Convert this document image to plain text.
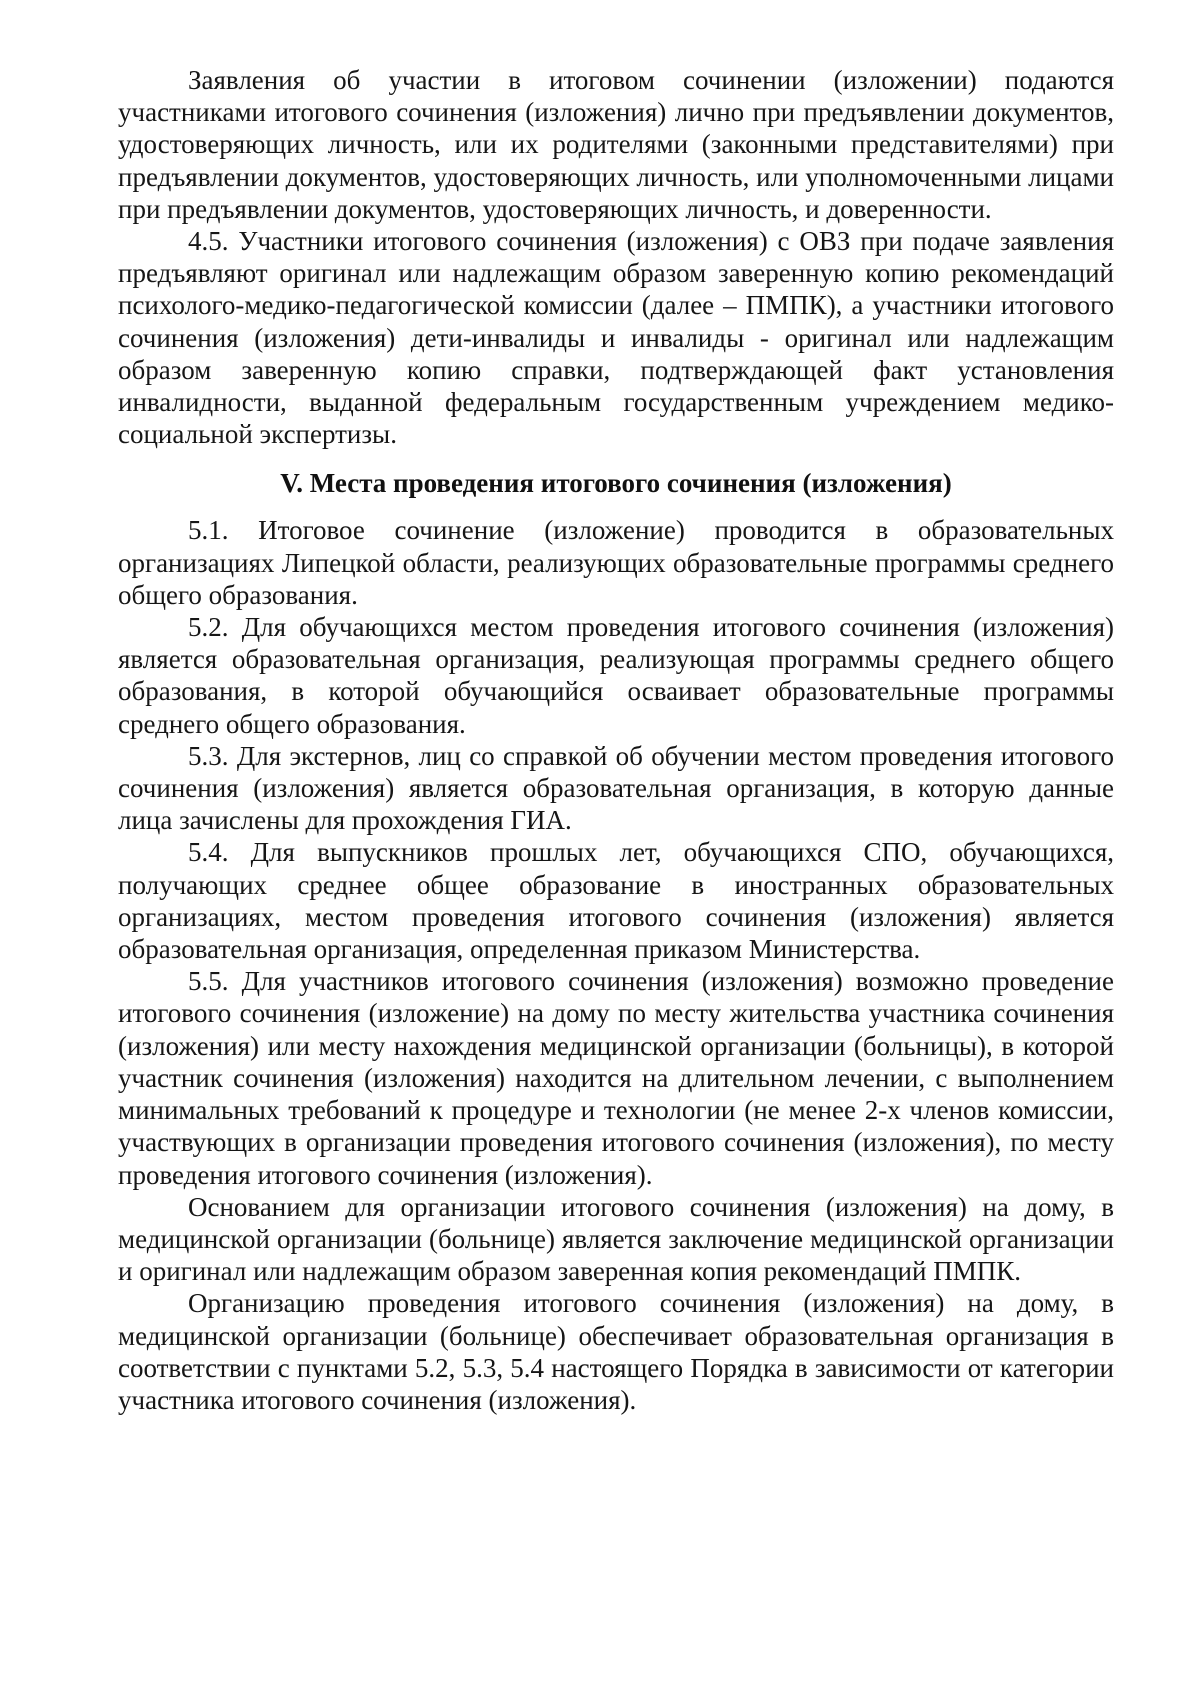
Заявления об участии в итоговом сочинении (изложении) подаются участниками итогового сочинения (изложения) лично при предъявлении документов, удостоверяющих личность, или их родителями (законными представителями) при предъявлении документов, удостоверяющих личность, или уполномоченными лицами при предъявлении документов, удостоверяющих личность, и доверенности.

4.5. Участники итогового сочинения (изложения) с ОВЗ при подаче заявления предъявляют оригинал или надлежащим образом заверенную копию рекомендаций психолого-медико-педагогической комиссии (далее – ПМПК), а участники итогового сочинения (изложения) дети-инвалиды и инвалиды - оригинал или надлежащим образом заверенную копию справки, подтверждающей факт установления инвалидности, выданной федеральным государственным учреждением медико-социальной экспертизы.

V. Места проведения итогового сочинения (изложения)

5.1. Итоговое сочинение (изложение) проводится в образовательных организациях Липецкой области, реализующих образовательные программы среднего общего образования.

5.2. Для обучающихся местом проведения итогового сочинения (изложения) является образовательная организация, реализующая программы среднего общего образования, в которой обучающийся осваивает образовательные программы среднего общего образования.

5.3. Для экстернов, лиц со справкой об обучении местом проведения итогового сочинения (изложения) является образовательная организация, в которую данные лица зачислены для прохождения ГИА.

5.4. Для выпускников прошлых лет, обучающихся СПО, обучающихся, получающих среднее общее образование в иностранных образовательных организациях, местом проведения итогового сочинения (изложения) является образовательная организация, определенная приказом Министерства.

5.5. Для участников итогового сочинения (изложения) возможно проведение итогового сочинения (изложение) на дому по месту жительства участника сочинения (изложения) или месту нахождения медицинской организации (больницы), в которой участник сочинения (изложения) находится на длительном лечении, с выполнением минимальных требований к процедуре и технологии (не менее 2-х членов комиссии, участвующих в организации проведения итогового сочинения (изложения), по месту проведения итогового сочинения (изложения).

Основанием для организации итогового сочинения (изложения) на дому, в медицинской организации (больнице) является заключение медицинской организации и оригинал или надлежащим образом заверенная копия рекомендаций ПМПК.

Организацию проведения итогового сочинения (изложения) на дому, в медицинской организации (больнице) обеспечивает образовательная организация в соответствии с пунктами 5.2, 5.3, 5.4 настоящего Порядка в зависимости от категории участника итогового сочинения (изложения).
